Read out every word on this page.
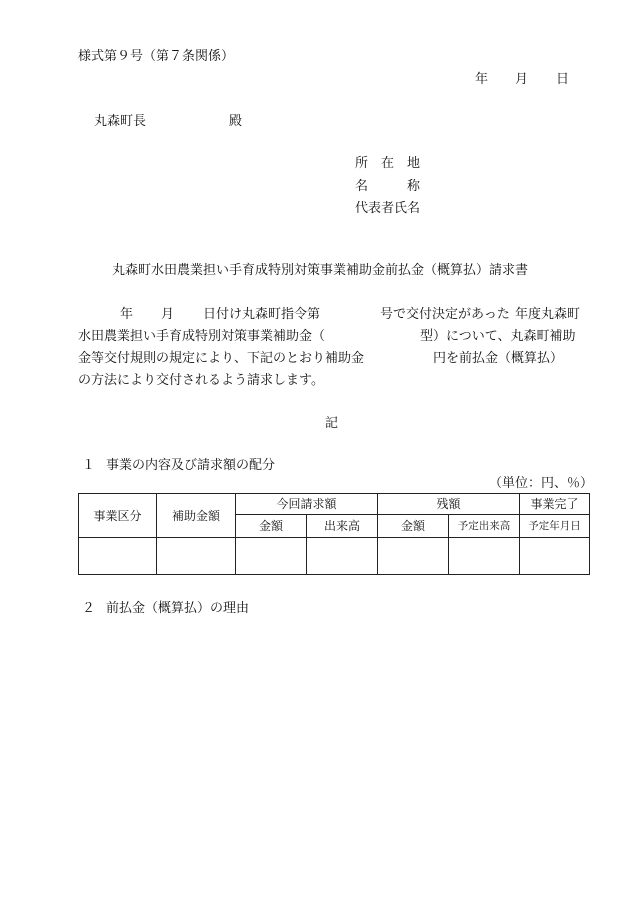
様式第９号（第７条関係）
年 月 日
丸森町長	殿
所　在　地
名　　　称
代表者氏名
丸森町水田農業担い手育成特別対策事業補助金前払金（概算払）請求書
年 月 日付け丸森町指令第	号で交付決定があった 年度丸森町
水田農業担い手育成特別対策事業補助金（	型）について、丸森町補助
金等交付規則の規定により、下記のとおり補助金	円を前払金（概算払）
の方法により交付されるよう請求します。
記
１ 事業の内容及び請求額の配分
（単位：円、％）
事業区分	補助金額	今回請求額		残額		事業完了
		金額	出来高	金額	予定出来高	予定年月日

２ 前払金（概算払）の理由
